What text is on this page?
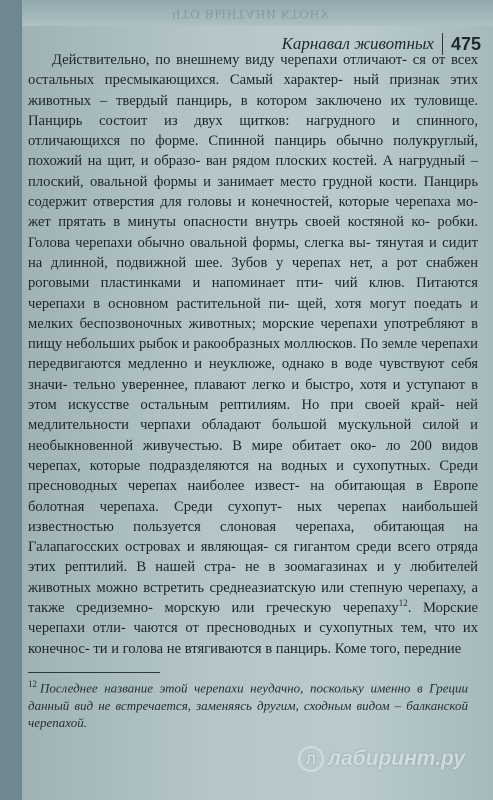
ЧТО ВЫНТАНИ КТОНУ
Карнавал животных 475

Действительно, по внешнему виду черепахи отличают- ся от всех остальных пресмыкающихся. Самый характер- ный признак этих животных – твердый панцирь, в котором заключено их туловище. Панцирь состоит из двух щитков: нагрудного и спинного, отличающихся по форме. Спинной панцирь обычно полукруглый, похожий на щит, и образо- ван рядом плоских костей. А нагрудный – плоский, овальной формы и занимает место грудной кости. Панцирь содержит отверстия для головы и конечностей, которые черепаха мо- жет прятать в минуты опасности внутрь своей костяной ко- робки. Голова черепахи обычно овальной формы, слегка вы- тянутая и сидит на длинной, подвижной шее. Зубов у черепах нет, а рот снабжен роговыми пластинками и напоминает пти- чий клюв. Питаются черепахи в основном растительной пи- щей, хотя могут поедать и мелких беспозвоночных животных; морские черепахи употребляют в пищу небольших рыбок и ракообразных моллюсков. По земле черепахи передвигаются медленно и неуклюже, однако в воде чувствуют себя значи- тельно увереннее, плавают легко и быстро, хотя и уступают в этом искусстве остальным рептилиям. Но при своей край- ней медлительности черпахи обладают большой мускульной силой и необыкновенной живучестью. В мире обитает око- ло 200 видов черепах, которые подразделяются на водных и сухопутных. Среди пресноводных черепах наиболее извест- на обитающая в Европе болотная черепаха. Среди сухопут- ных черепах наибольшей известностью пользуется слоновая черепаха, обитающая на Галапагосских островах и являющая- ся гигантом среди всего отряда этих рептилий. В нашей стра- не в зоомагазинах и у любителей животных можно встретить среднеазиатскую или степную черепаху, а также средиземно- морскую или греческую черепаху$^{12}$. Морские черепахи отли- чаются от пресноводных и сухопутных тем, что их конечнос- ти и голова не втягиваются в панцирь. Коме того, передние

$^{12}$ Последнее название этой черепахи неудачно, поскольку именно в Греции данный вид не встречается, заменяясь другим, сходным видом – балканской черепахой.
Л лабиринт.ру
